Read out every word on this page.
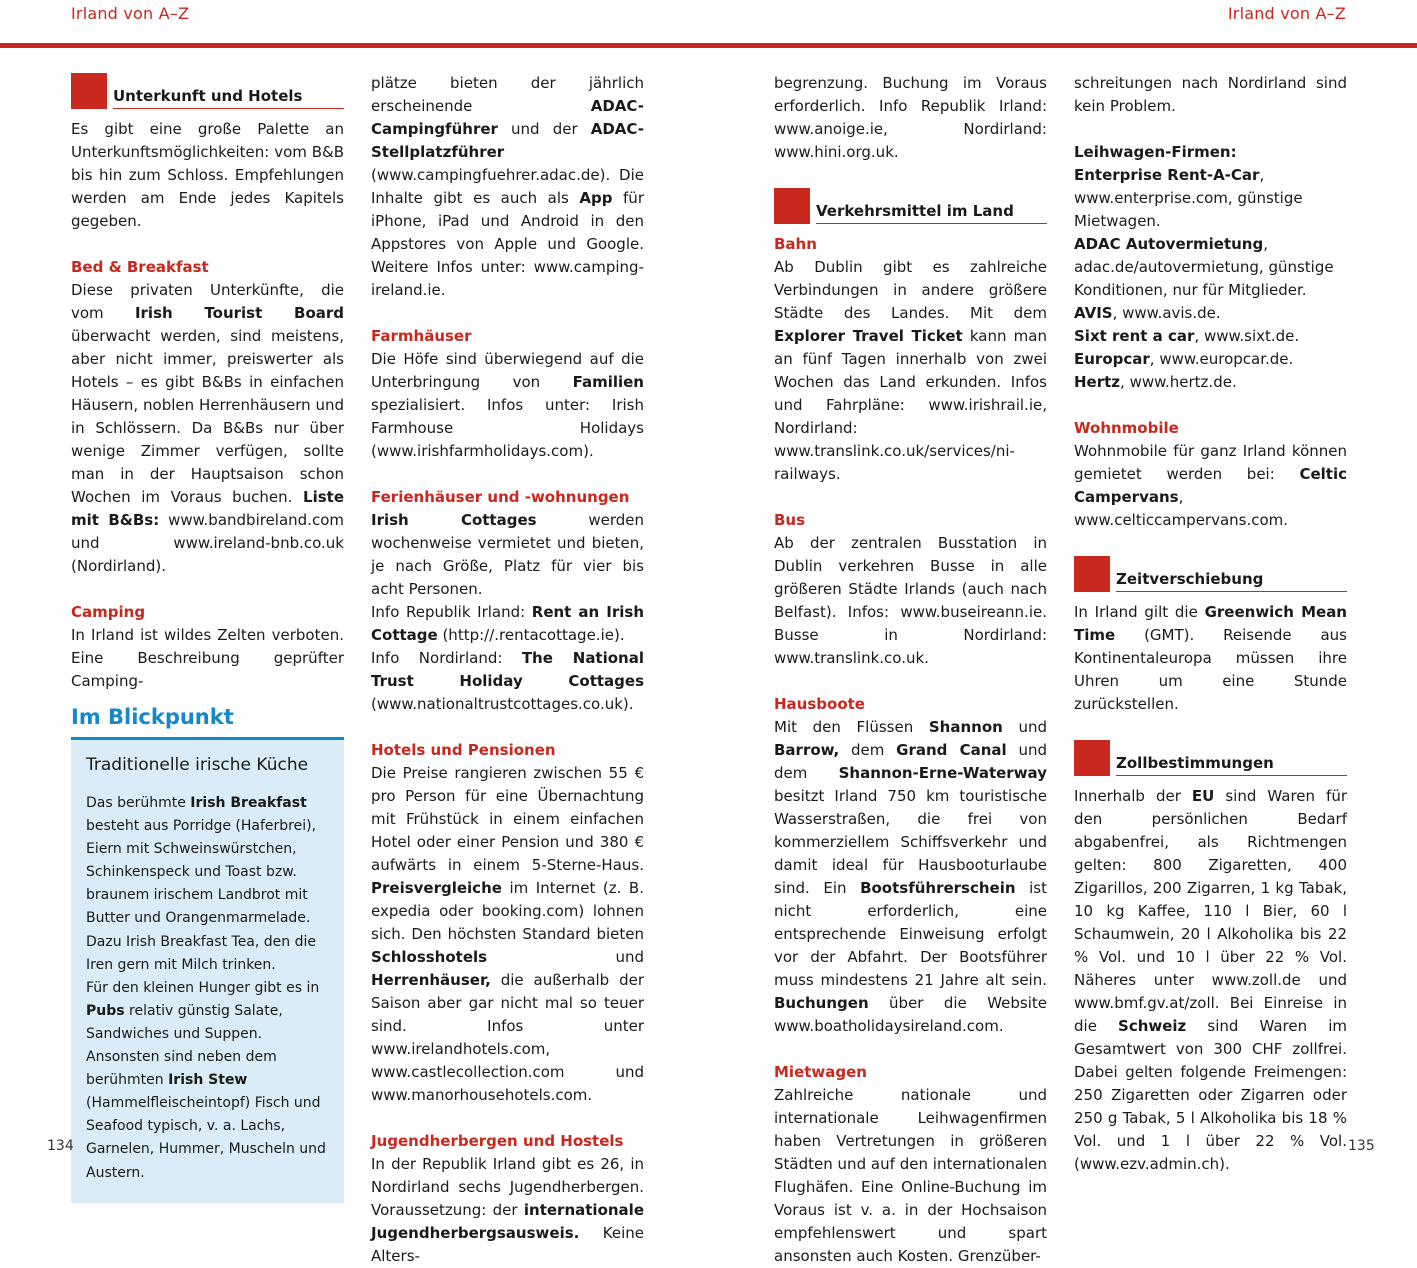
Irland von A–Z	Irland von A–Z
Unterkunft und Hotels

Es gibt eine große Palette an Unterkunftsmöglichkeiten: vom B&B bis hin zum Schloss. Empfehlungen werden am Ende jedes Kapitels gegeben.

Bed & Breakfast

Diese privaten Unterkünfte, die vom Irish Tourist Board überwacht werden, sind meistens, aber nicht immer, preiswerter als Hotels – es gibt B&Bs in einfachen Häusern, noblen Herrenhäusern und in Schlössern. Da B&Bs nur über wenige Zimmer verfügen, sollte man in der Hauptsaison schon Wochen im Voraus buchen. Liste mit B&Bs: www.bandbireland.com und www.ireland-bnb.co.uk (Nordirland).

Camping

In Irland ist wildes Zelten verboten. Eine Beschreibung geprüfter Camping-

Im Blickpunkt

Traditionelle irische Küche

Das berühmte Irish Breakfast besteht aus Porridge (Haferbrei), Eiern mit Schweinswürstchen, Schinkenspeck und Toast bzw. braunem irischem Landbrot mit Butter und Orangenmarmelade. Dazu Irish Breakfast Tea, den die Iren gern mit Milch trinken.

Für den kleinen Hunger gibt es in Pubs relativ günstig Salate, Sandwiches und Suppen.

Ansonsten sind neben dem berühmten Irish Stew (Hammelfleischeintopf) Fisch und Seafood typisch, v. a. Lachs, Garnelen, Hummer, Muscheln und Austern.

plätze bieten der jährlich erscheinende ADAC-Campingführer und der ADAC-Stellplatzführer (www.campingfuehrer.adac.de). Die Inhalte gibt es auch als App für iPhone, iPad und Android in den Appstores von Apple und Google. Weitere Infos unter: www.camping-ireland.ie.

Farmhäuser

Die Höfe sind überwiegend auf die Unterbringung von Familien spezialisiert. Infos unter: Irish Farmhouse Holidays (www.irishfarmholidays.com).

Ferienhäuser und -wohnungen

Irish Cottages werden wochenweise vermietet und bieten, je nach Größe, Platz für vier bis acht Personen.

Info Republik Irland: Rent an Irish Cottage (http://.rentacottage.ie).

Info Nordirland: The National Trust Holiday Cottages (www.nationaltrustcottages.co.uk).

Hotels und Pensionen

Die Preise rangieren zwischen 55 € pro Person für eine Übernachtung mit Frühstück in einem einfachen Hotel oder einer Pension und 380 € aufwärts in einem 5-Sterne-Haus. Preisvergleiche im Internet (z. B. expedia oder booking.com) lohnen sich. Den höchsten Standard bieten Schlosshotels und Herrenhäuser, die außerhalb der Saison aber gar nicht mal so teuer sind. Infos unter www.irelandhotels.com, www.castlecollection.com und www.manorhousehotels.com.

Jugendherbergen und Hostels

In der Republik Irland gibt es 26, in Nordirland sechs Jugendherbergen. Voraussetzung: der internationale Jugendherbergsausweis. Keine Alters-

begrenzung. Buchung im Voraus erforderlich. Info Republik Irland: www.anoige.ie, Nordirland: www.hini.org.uk.

Verkehrsmittel im Land

Bahn

Ab Dublin gibt es zahlreiche Verbindungen in andere größere Städte des Landes. Mit dem Explorer Travel Ticket kann man an fünf Tagen innerhalb von zwei Wochen das Land erkunden. Infos und Fahrpläne: www.irishrail.ie, Nordirland: www.translink.co.uk/services/ni-railways.

Bus

Ab der zentralen Busstation in Dublin verkehren Busse in alle größeren Städte Irlands (auch nach Belfast). Infos: www.buseireann.ie. Busse in Nordirland: www.translink.co.uk.

Hausboote

Mit den Flüssen Shannon und Barrow, dem Grand Canal und dem Shannon-Erne-Waterway besitzt Irland 750 km touristische Wasserstraßen, die frei von kommerziellem Schiffsverkehr und damit ideal für Hausbooturlaube sind. Ein Bootsführerschein ist nicht erforderlich, eine entsprechende Einweisung erfolgt vor der Abfahrt. Der Bootsführer muss mindestens 21 Jahre alt sein. Buchungen über die Website www.boatholidaysireland.com.

Mietwagen

Zahlreiche nationale und internationale Leihwagenfirmen haben Vertretungen in größeren Städten und auf den internationalen Flughäfen. Eine Online-Buchung im Voraus ist v. a. in der Hochsaison empfehlenswert und spart ansonsten auch Kosten. Grenzüber-

schreitungen nach Nordirland sind kein Problem.

Leihwagen-Firmen:
Enterprise Rent-A-Car, www.enterprise.com, günstige Mietwagen.
ADAC Autovermietung, adac.de/autovermietung, günstige Konditionen, nur für Mitglieder.
AVIS, www.avis.de.
Sixt rent a car, www.sixt.de.
Europcar, www.europcar.de.
Hertz, www.hertz.de.

Wohnmobile

Wohnmobile für ganz Irland können gemietet werden bei: Celtic Campervans, www.celticcampervans.com.

Zeitverschiebung

In Irland gilt die Greenwich Mean Time (GMT). Reisende aus Kontinentaleuropa müssen ihre Uhren um eine Stunde zurückstellen.

Zollbestimmungen

Innerhalb der EU sind Waren für den persönlichen Bedarf abgabenfrei, als Richtmengen gelten: 800 Zigaretten, 400 Zigarillos, 200 Zigarren, 1 kg Tabak, 10 kg Kaffee, 110 l Bier, 60 l Schaumwein, 20 l Alkoholika bis 22 % Vol. und 10 l über 22 % Vol. Näheres unter www.zoll.de und www.bmf.gv.at/zoll. Bei Einreise in die Schweiz sind Waren im Gesamtwert von 300 CHF zollfrei. Dabei gelten folgende Freimengen: 250 Zigaretten oder Zigarren oder 250 g Tabak, 5 l Alkoholika bis 18 % Vol. und 1 l über 22 % Vol. (www.ezv.admin.ch).

134	135
